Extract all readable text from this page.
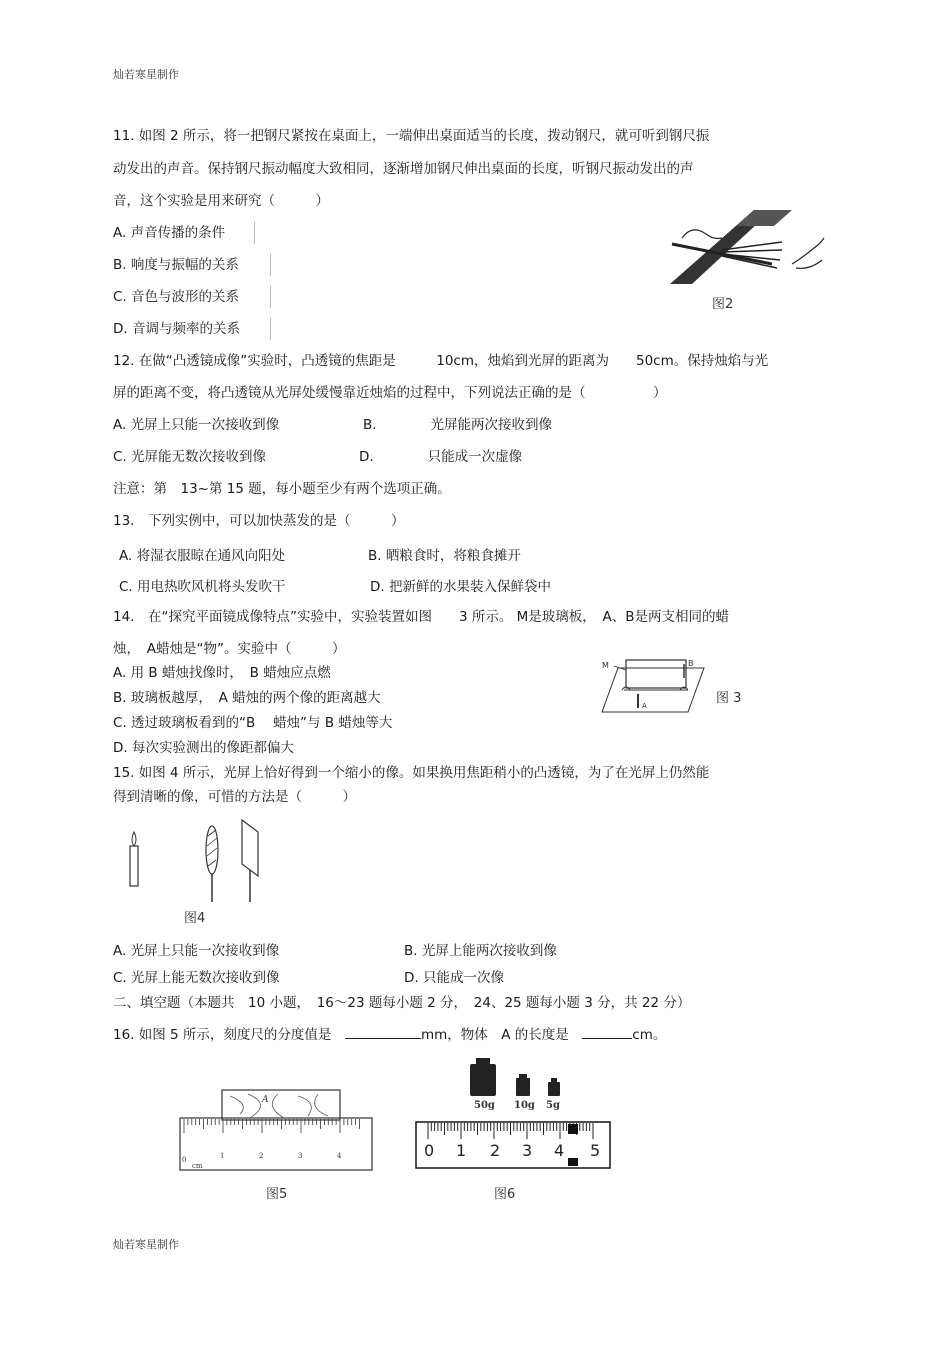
灿若寒星制作
11. 如图 2 所示，将一把钢尺紧按在桌面上，一端伸出桌面适当的长度，拨动钢尺，就可听到钢尺振
动发出的声音。保持钢尺振动幅度大致相同，逐渐增加钢尺伸出桌面的长度，听钢尺振动发出的声
音，这个实验是用来研究（　　　）
A. 声音传播的条件
B. 响度与振幅的关系
C. 音色与波形的关系
D. 音调与频率的关系
图2
12. 在做“凸透镜成像”实验时，凸透镜的焦距是　　　10cm，烛焰到光屏的距离为　　50cm。保持烛焰与光
屏的距离不变，将凸透镜从光屏处缓慢靠近烛焰的过程中，下列说法正确的是（　　　　　）
A. 光屏上只能一次接收到像	B.　　　　光屏能两次接收到像
C. 光屏能无数次接收到像	D.　　　　只能成一次虚像
注意：第　13~第 15 题，每小题至少有两个选项正确。
13.　下列实例中，可以加快蒸发的是（　　　）
A. 将湿衣服晾在通风向阳处	B. 晒粮食时，将粮食摊开
C. 用电热吹风机将头发吹干	D. 把新鲜的水果装入保鲜袋中
14.　在“探究平面镜成像特点”实验中，实验装置如图　　3 所示。 M是玻璃板，　A、B是两支相同的蜡
烛，　A蜡烛是“物”。实验中（　　　）
A. 用 B 蜡烛找像时，　B 蜡烛应点燃
B. 玻璃板越厚，　A 蜡烛的两个像的距离越大
C. 透过玻璃板看到的“B　 蜡烛”与 B 蜡烛等大
D. 每次实验测出的像距都偏大
M	B
A	图 3
15. 如图 4 所示，光屏上恰好得到一个缩小的像。如果换用焦距稍小的凸透镜，为了在光屏上仍然能
得到清晰的像，可惜的方法是（　　　）
图4
A. 光屏上只能一次接收到像	B. 光屏上能两次接收到像
C. 光屏上能无数次接收到像	D. 只能成一次像
二、填空题（本题共　10 小题，　16～23 题每小题 2 分，　24、25 题每小题 3 分，共 22 分）
16. 如图 5 所示，刻度尺的分度值是　	mm，物体　A 的长度是　	cm。
A
0	1	2	3	4
cm
图5
50g 10g 5g
0 1 2 3 4 5
图6
灿若寒星制作
